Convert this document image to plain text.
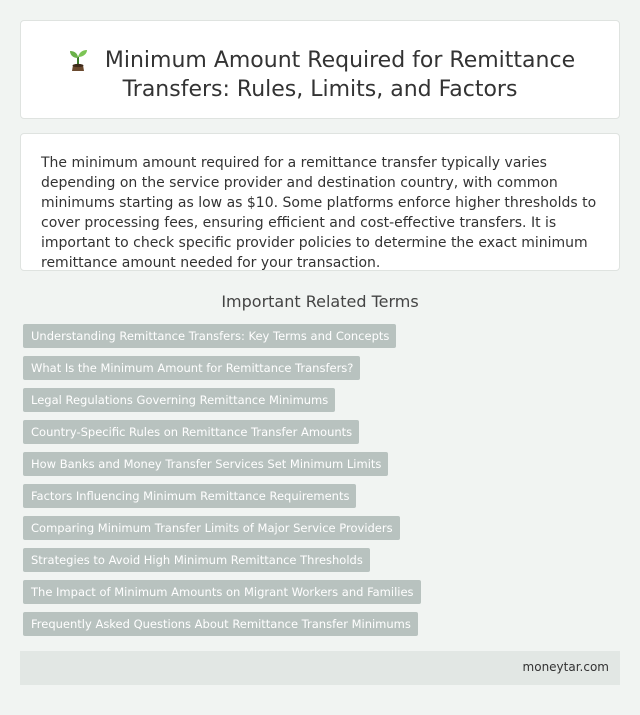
Minimum Amount Required for Remittance Transfers: Rules, Limits, and Factors

The minimum amount required for a remittance transfer typically varies depending on the service provider and destination country, with common minimums starting as low as $10. Some platforms enforce higher thresholds to cover processing fees, ensuring efficient and cost-effective transfers. It is important to check specific provider policies to determine the exact minimum remittance amount needed for your transaction.

Important Related Terms
Understanding Remittance Transfers: Key Terms and Concepts
What Is the Minimum Amount for Remittance Transfers?
Legal Regulations Governing Remittance Minimums
Country-Specific Rules on Remittance Transfer Amounts
How Banks and Money Transfer Services Set Minimum Limits
Factors Influencing Minimum Remittance Requirements
Comparing Minimum Transfer Limits of Major Service Providers
Strategies to Avoid High Minimum Remittance Thresholds
The Impact of Minimum Amounts on Migrant Workers and Families
Frequently Asked Questions About Remittance Transfer Minimums
moneytar.com
